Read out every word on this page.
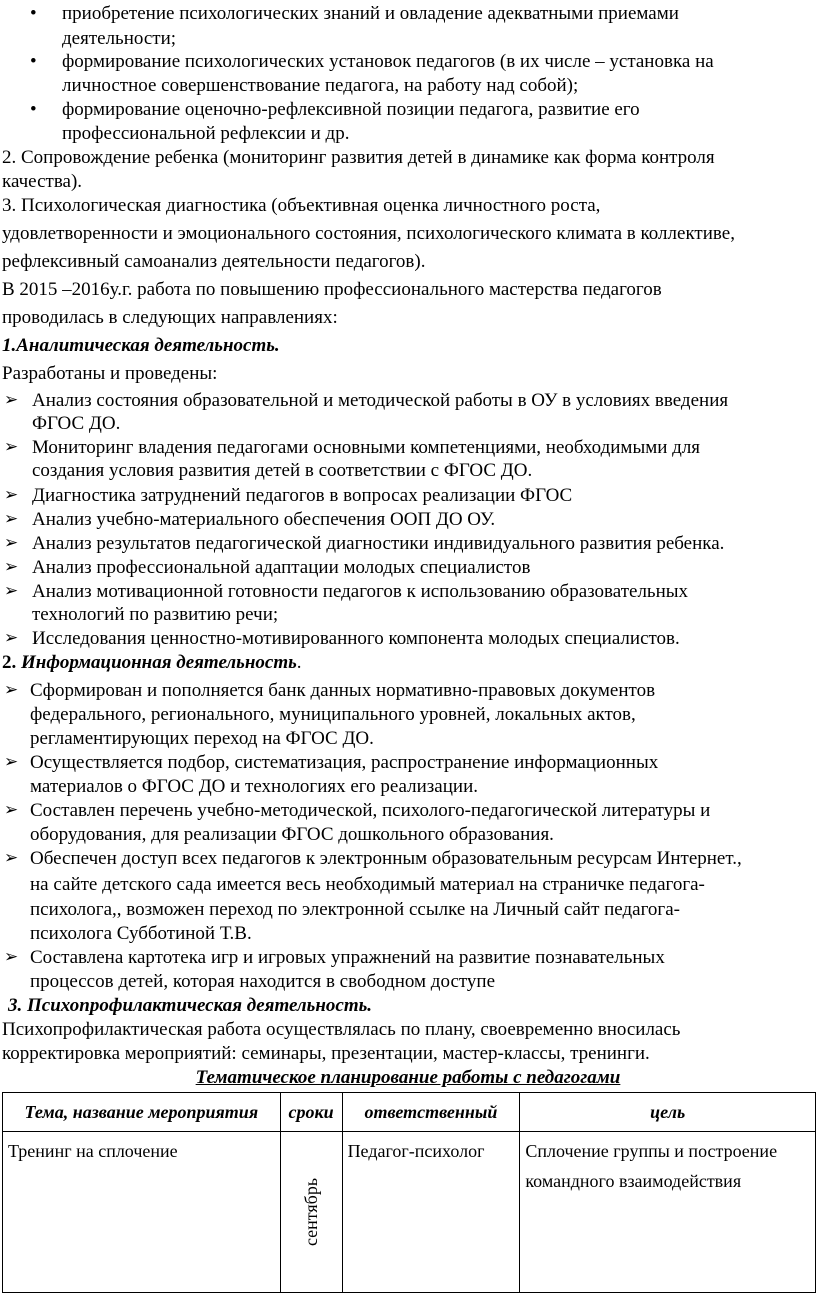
• приобретение психологических знаний и овладение адекватными приемами
деятельности;
• формирование психологических установок педагогов (в их числе – установка на
личностное совершенствование педагога, на работу над собой);
• формирование оценочно-рефлексивной позиции педагога, развитие его
профессиональной рефлексии и др.
2. Сопровождение ребенка (мониторинг развития детей в динамике как форма контроля
качества).
3. Психологическая диагностика (объективная оценка личностного роста,
удовлетворенности и эмоционального состояния, психологического климата в коллективе,
рефлексивный самоанализ деятельности педагогов).
В 2015 –2016у.г. работа по повышению профессионального мастерства педагогов
проводилась в следующих направлениях:
1.Аналитическая деятельность.
Разработаны и проведены:
➢ Анализ состояния образовательной и методической работы в ОУ в условиях введения
ФГОС ДО.
➢ Мониторинг владения педагогами основными компетенциями, необходимыми для
создания условия развития детей в соответствии с ФГОС ДО.
➢ Диагностика затруднений педагогов в вопросах реализации ФГОС
➢ Анализ учебно-материального обеспечения ООП ДО ОУ.
➢ Анализ результатов педагогической диагностики индивидуального развития ребенка.
➢ Анализ профессиональной адаптации молодых специалистов
➢ Анализ мотивационной готовности педагогов к использованию образовательных
технологий по развитию речи;
➢ Исследования ценностно-мотивированного компонента молодых специалистов.
2. Информационная деятельность.
➢ Сформирован и пополняется банк данных нормативно-правовых документов
федерального, регионального, муниципального уровней, локальных актов,
регламентирующих переход на ФГОС ДО.
➢ Осуществляется подбор, систематизация, распространение информационных
материалов о ФГОС ДО и технологиях его реализации.
➢ Составлен перечень учебно-методической, психолого-педагогической литературы и
оборудования, для реализации ФГОС дошкольного образования.
➢ Обеспечен доступ всех педагогов к электронным образовательным ресурсам Интернет.,
на сайте детского сада имеется весь необходимый материал на страничке педагога-
психолога,, возможен переход по электронной ссылке на Личный сайт педагога-
психолога Субботиной Т.В.
➢ Составлена картотека игр и игровых упражнений на развитие познавательных
процессов детей, которая находится в свободном доступе
3. Психопрофилактическая деятельность.
Психопрофилактическая работа осуществлялась по плану, своевременно вносилась
корректировка мероприятий: семинары, презентации, мастер-классы, тренинги.
Тематическое планирование работы с педагогами
Тема, название мероприятия	сроки	ответственный	цель
Тренинг на сплочение	сентябрь	Педагог-психолог	Сплочение группы и построение командного взаимодействия
